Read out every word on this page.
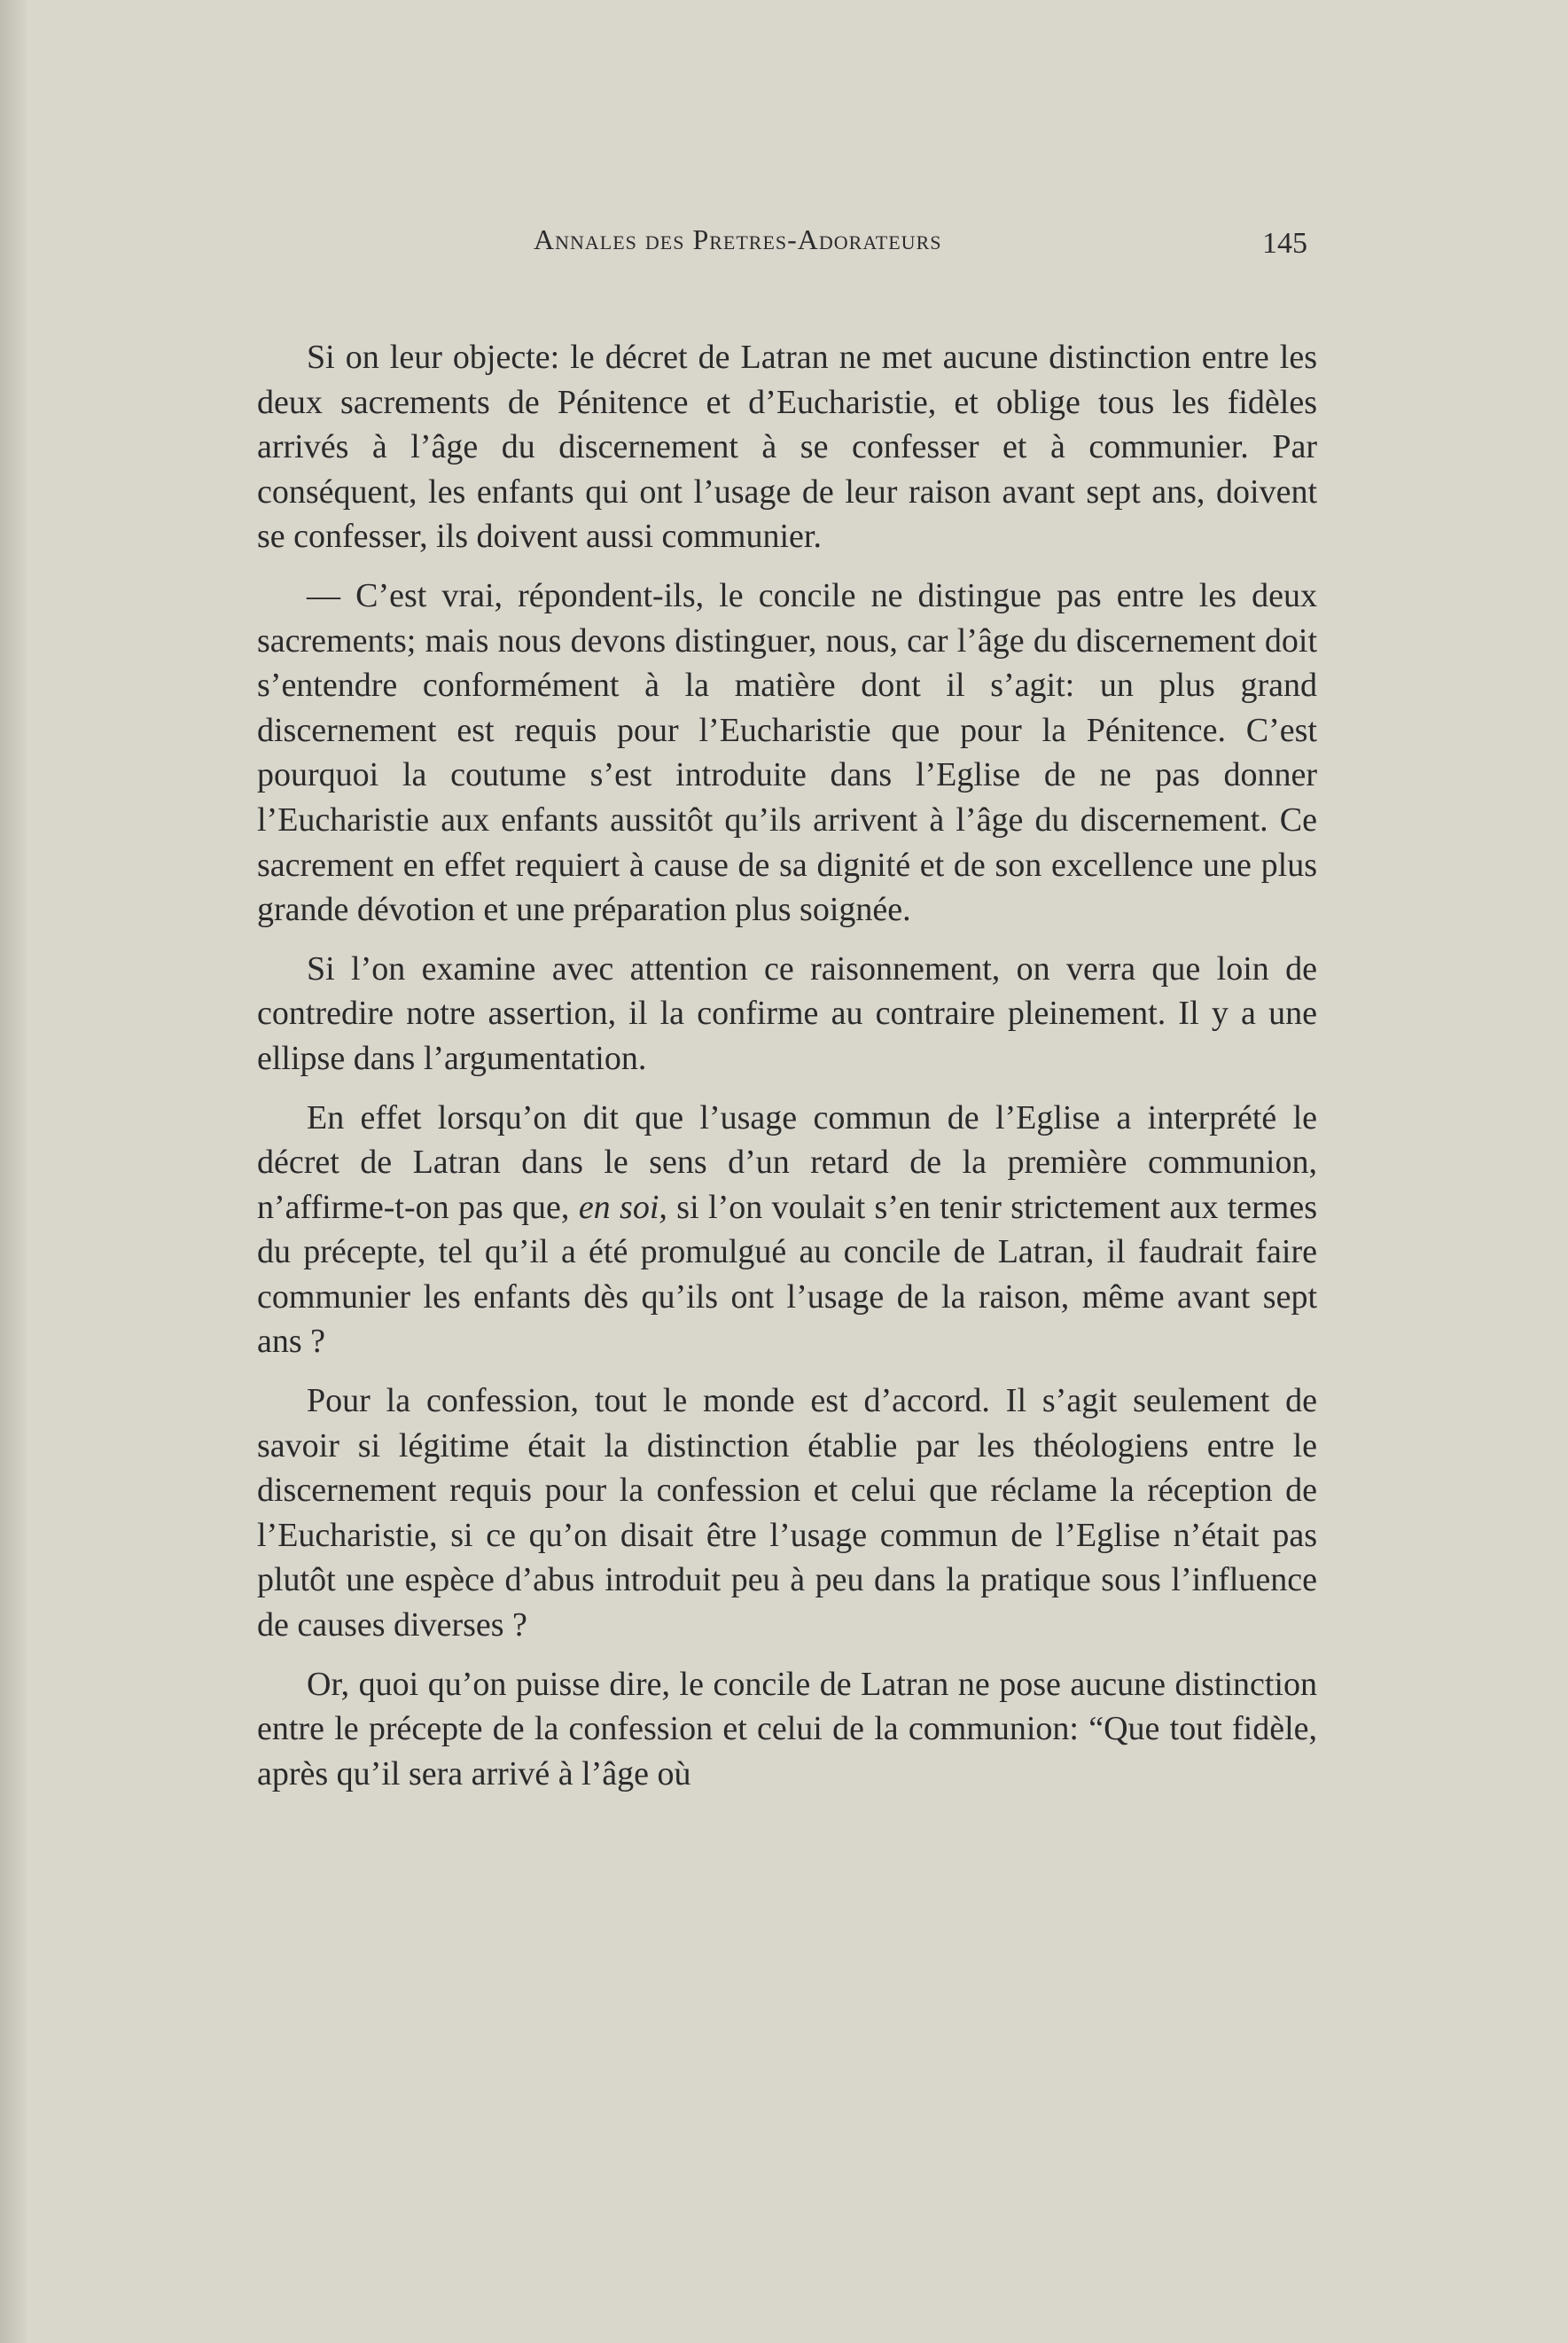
Annales des Pretres-Adorateurs	145

Si on leur objecte: le décret de Latran ne met aucune distinction entre les deux sacrements de Pénitence et d’Eucharistie, et oblige tous les fidèles arrivés à l’âge du discernement à se confesser et à communier. Par conséquent, les enfants qui ont l’usage de leur raison avant sept ans, doivent se confesser, ils doivent aussi communier.

— C’est vrai, répondent-ils, le concile ne distingue pas entre les deux sacrements; mais nous devons distinguer, nous, car l’âge du discernement doit s’entendre conformément à la matière dont il s’agit: un plus grand discernement est requis pour l’Eucharistie que pour la Pénitence. C’est pourquoi la coutume s’est introduite dans l’Eglise de ne pas donner l’Eucharistie aux enfants aussitôt qu’ils arrivent à l’âge du discernement. Ce sacrement en effet requiert à cause de sa dignité et de son excellence une plus grande dévotion et une préparation plus soignée.

Si l’on examine avec attention ce raisonnement, on verra que loin de contredire notre assertion, il la confirme au contraire pleinement. Il y a une ellipse dans l’argumentation.

En effet lorsqu’on dit que l’usage commun de l’Eglise a interprété le décret de Latran dans le sens d’un retard de la première communion, n’affirme-t-on pas que, en soi, si l’on voulait s’en tenir strictement aux termes du précepte, tel qu’il a été promulgué au concile de Latran, il faudrait faire communier les enfants dès qu’ils ont l’usage de la raison, même avant sept ans ?

Pour la confession, tout le monde est d’accord. Il s’agit seulement de savoir si légitime était la distinction établie par les théologiens entre le discernement requis pour la confession et celui que réclame la réception de l’Eucharistie, si ce qu’on disait être l’usage commun de l’Eglise n’était pas plutôt une espèce d’abus introduit peu à peu dans la pratique sous l’influence de causes diverses ?

Or, quoi qu’on puisse dire, le concile de Latran ne pose aucune distinction entre le précepte de la confession et celui de la communion: “Que tout fidèle, après qu’il sera arrivé à l’âge où
